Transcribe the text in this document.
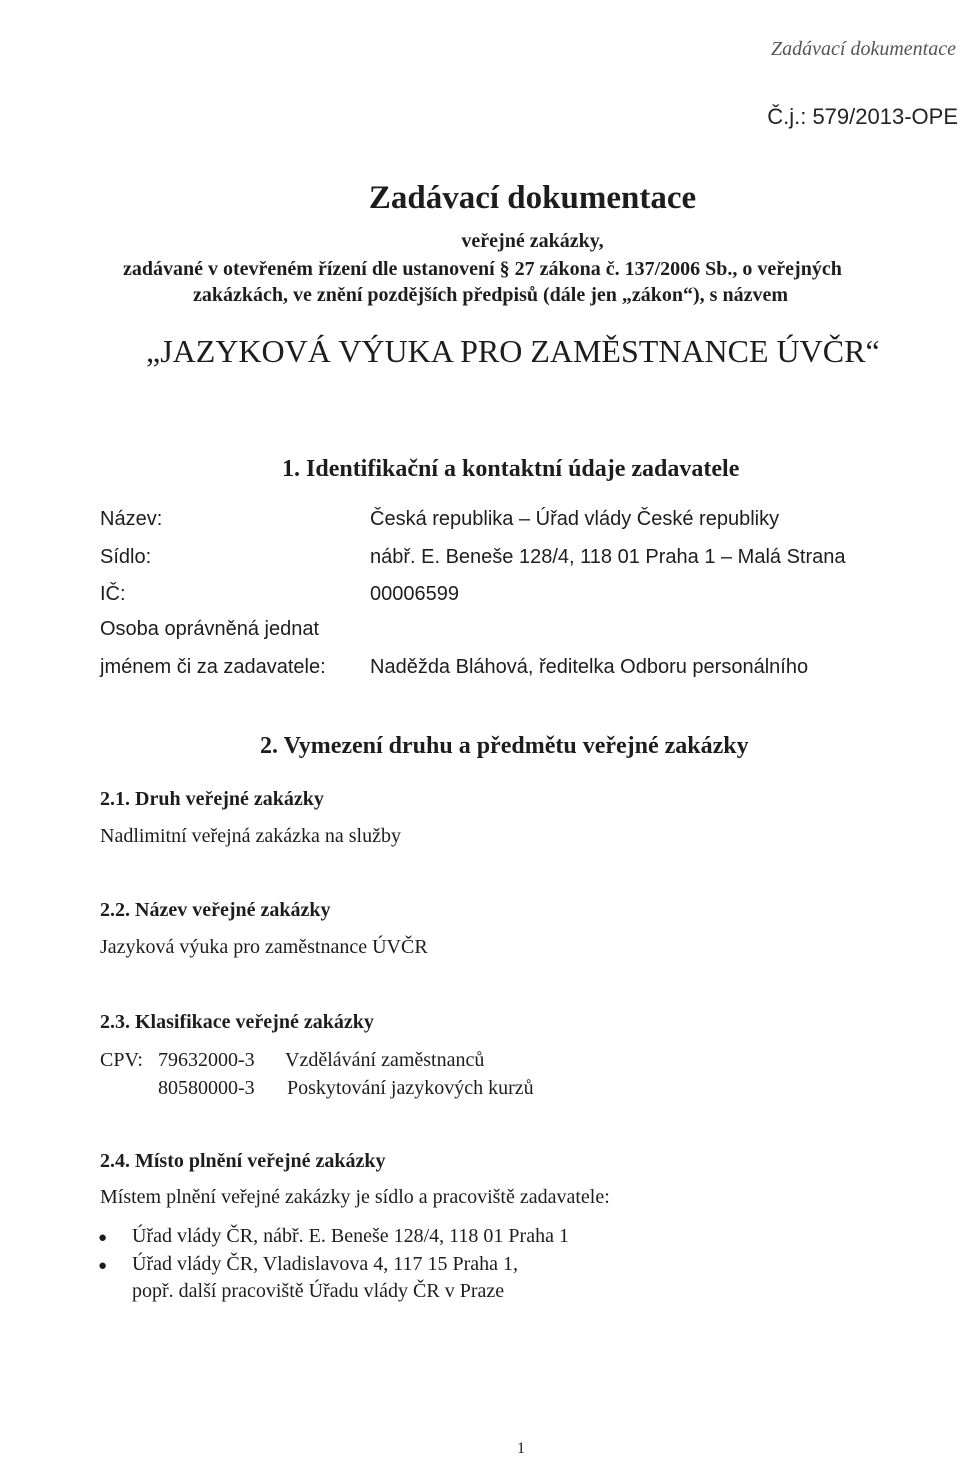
Zadávací dokumentace
Č.j.: 579/2013-OPE
Zadávací dokumentace
veřejné zakázky,
zadávané v otevřeném řízení dle ustanovení § 27 zákona č. 137/2006 Sb., o veřejných
zakázkách, ve znění pozdějších předpisů (dále jen „zákon“), s názvem
„JAZYKOVÁ VÝUKA PRO ZAMĚSTNANCE ÚVČR“
1. Identifikační a kontaktní údaje zadavatele
Název:	Česká republika – Úřad vlády České republiky
Sídlo:	nábř. E. Beneše 128/4, 118 01 Praha 1 – Malá Strana
IČ:	00006599
Osoba oprávněná jednat
jménem či za zadavatele: Naděžda Bláhová, ředitelka Odboru personálního
2. Vymezení druhu a předmětu veřejné zakázky
2.1. Druh veřejné zakázky
Nadlimitní veřejná zakázka na služby
2.2. Název veřejné zakázky
Jazyková výuka pro zaměstnance ÚVČR
2.3. Klasifikace veřejné zakázky
CPV: 79632000-3 Vzdělávání zaměstnanců
80580000-3 Poskytování jazykových kurzů
2.4. Místo plnění veřejné zakázky
Místem plnění veřejné zakázky je sídlo a pracoviště zadavatele:
● Úřad vlády ČR, nábř. E. Beneše 128/4, 118 01 Praha 1
● Úřad vlády ČR, Vladislavova 4, 117 15 Praha 1,
popř. další pracoviště Úřadu vlády ČR v Praze
1
